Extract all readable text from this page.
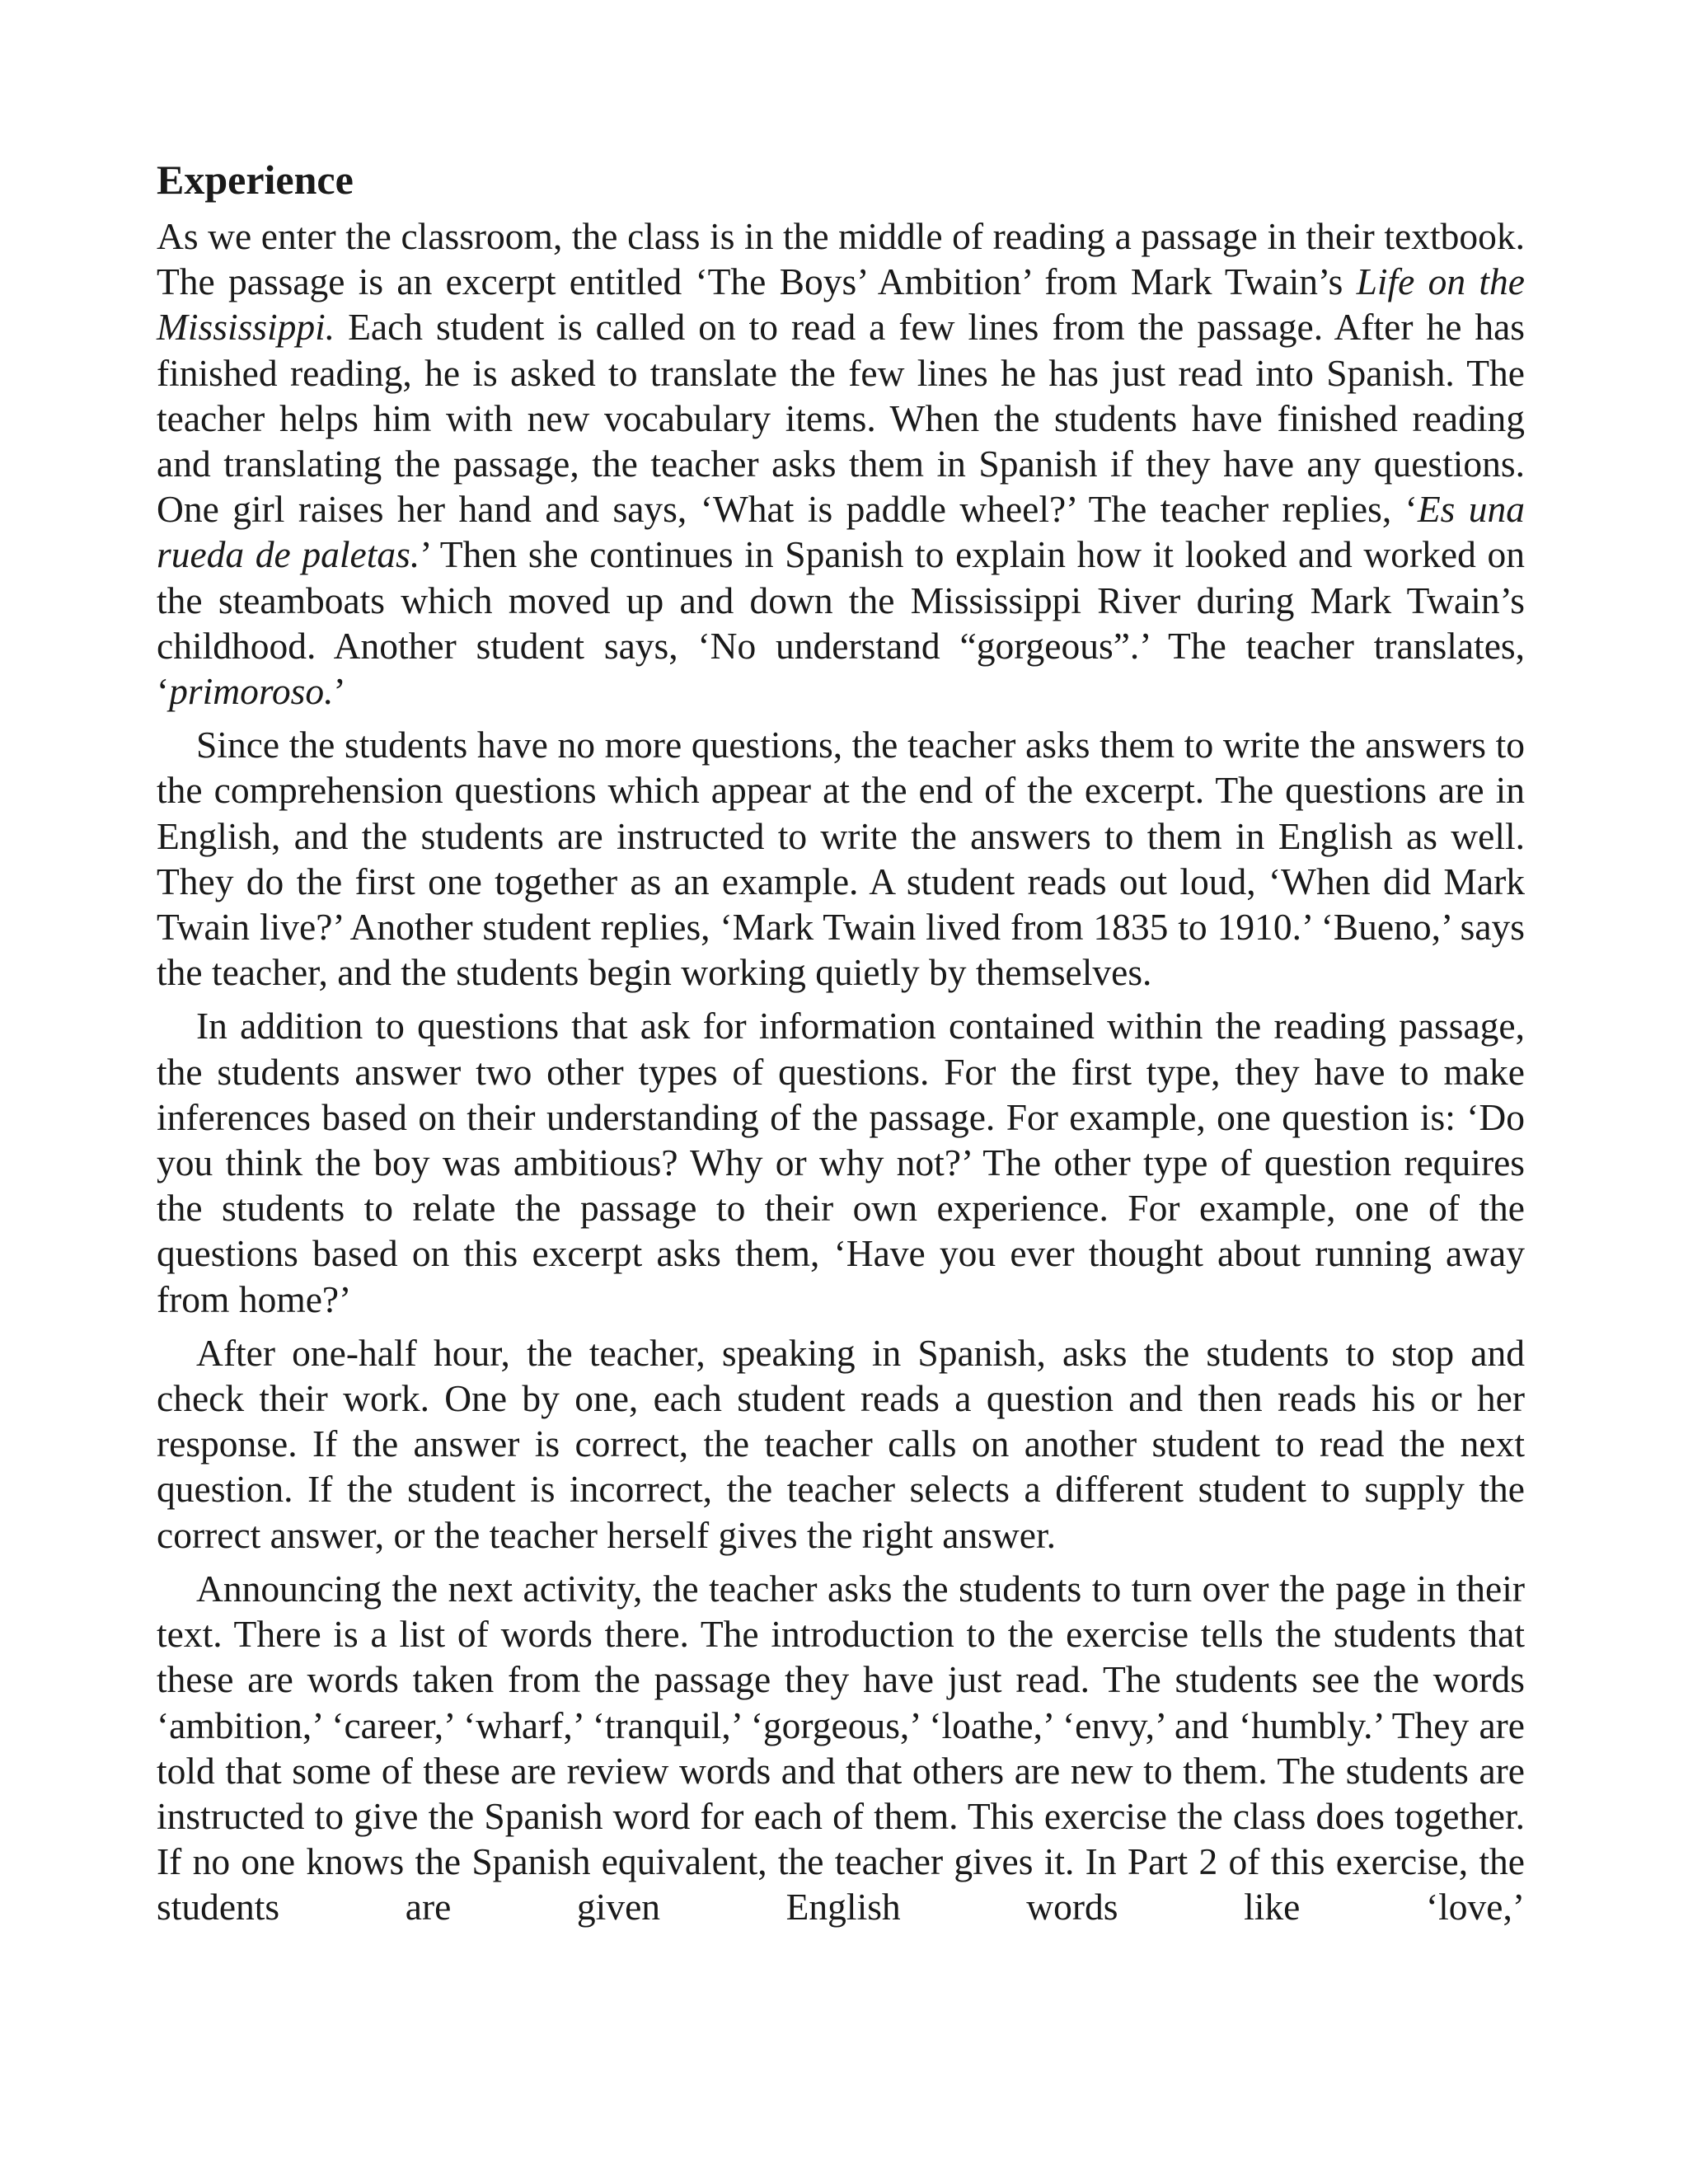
Experience

As we enter the classroom, the class is in the middle of reading a passage in their textbook. The passage is an excerpt entitled ‘The Boys’ Ambition’ from Mark Twain’s Life on the Mississippi. Each student is called on to read a few lines from the passage. After he has finished reading, he is asked to translate the few lines he has just read into Spanish. The teacher helps him with new vocabulary items. When the students have finished reading and translating the passage, the teacher asks them in Spanish if they have any questions. One girl raises her hand and says, ‘What is paddle wheel?’ The teacher replies, ‘Es una rueda de paletas.’ Then she continues in Spanish to explain how it looked and worked on the steamboats which moved up and down the Mississippi River during Mark Twain’s childhood. Another student says, ‘No understand “gorgeous”.’ The teacher translates, ‘primoroso.’

Since the students have no more questions, the teacher asks them to write the answers to the comprehension questions which appear at the end of the excerpt. The questions are in English, and the students are instructed to write the answers to them in English as well. They do the first one together as an example. A student reads out loud, ‘When did Mark Twain live?’ Another student replies, ‘Mark Twain lived from 1835 to 1910.’ ‘Bueno,’ says the teacher, and the students begin working quietly by themselves.

In addition to questions that ask for information contained within the reading passage, the students answer two other types of questions. For the first type, they have to make inferences based on their understanding of the passage. For example, one question is: ‘Do you think the boy was ambitious? Why or why not?’ The other type of question requires the students to relate the passage to their own experience. For example, one of the questions based on this excerpt asks them, ‘Have you ever thought about running away from home?’

After one-half hour, the teacher, speaking in Spanish, asks the students to stop and check their work. One by one, each student reads a question and then reads his or her response. If the answer is correct, the teacher calls on another student to read the next question. If the student is incorrect, the teacher selects a different student to supply the correct answer, or the teacher herself gives the right answer.

Announcing the next activity, the teacher asks the students to turn over the page in their text. There is a list of words there. The introduction to the exercise tells the students that these are words taken from the passage they have just read. The students see the words ‘ambition,’ ‘career,’ ‘wharf,’ ‘tranquil,’ ‘gorgeous,’ ‘loathe,’ ‘envy,’ and ‘humbly.’ They are told that some of these are review words and that others are new to them. The students are instructed to give the Spanish word for each of them. This exercise the class does together. If no one knows the Spanish equivalent, the teacher gives it. In Part 2 of this exercise, the students are given English words like ‘love,’
